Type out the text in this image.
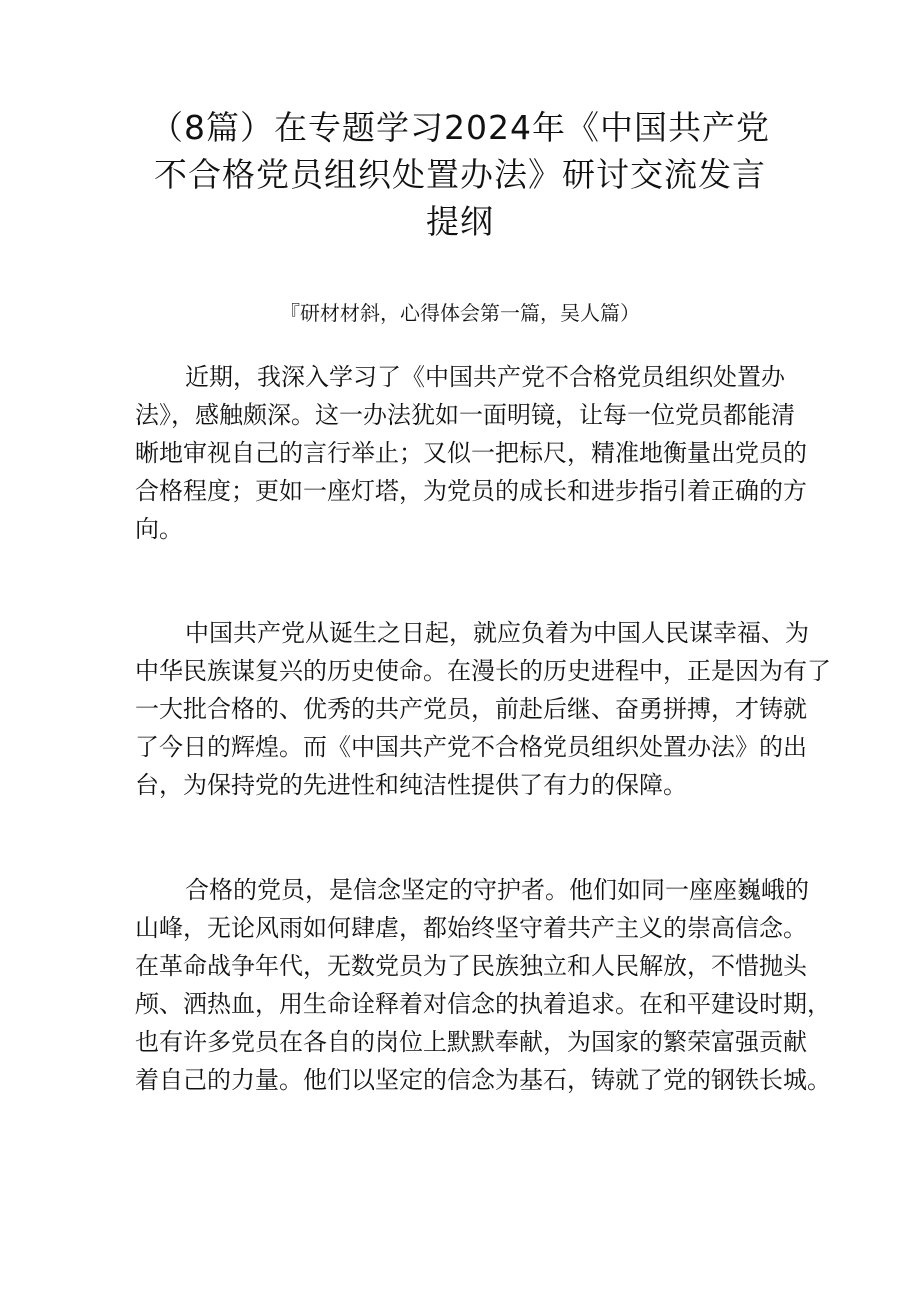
（8篇）在专题学习2024年《中国共产党
不合格党员组织处置办法》研讨交流发言
提纲

『研材材斜，心得体会第一篇，吴人篇）

近期，我深入学习了《中国共产党不合格党员组织处置办
法》，感触颇深。这一办法犹如一面明镜，让每一位党员都能清
晰地审视自己的言行举止；又似一把标尺，精准地衡量出党员的
合格程度；更如一座灯塔，为党员的成长和进步指引着正确的方
向。

中国共产党从诞生之日起，就应负着为中国人民谋幸福、为
中华民族谋复兴的历史使命。在漫长的历史进程中，正是因为有了
一大批合格的、优秀的共产党员，前赴后继、奋勇拼搏，才铸就
了今日的辉煌。而《中国共产党不合格党员组织处置办法》的出
台，为保持党的先进性和纯洁性提供了有力的保障。

合格的党员，是信念坚定的守护者。他们如同一座座巍峨的
山峰，无论风雨如何肆虐，都始终坚守着共产主义的崇高信念。
在革命战争年代，无数党员为了民族独立和人民解放，不惜抛头
颅、洒热血，用生命诠释着对信念的执着追求。在和平建设时期，
也有许多党员在各自的岗位上默默奉献，为国家的繁荣富强贡献
着自己的力量。他们以坚定的信念为基石，铸就了党的钢铁长城。
